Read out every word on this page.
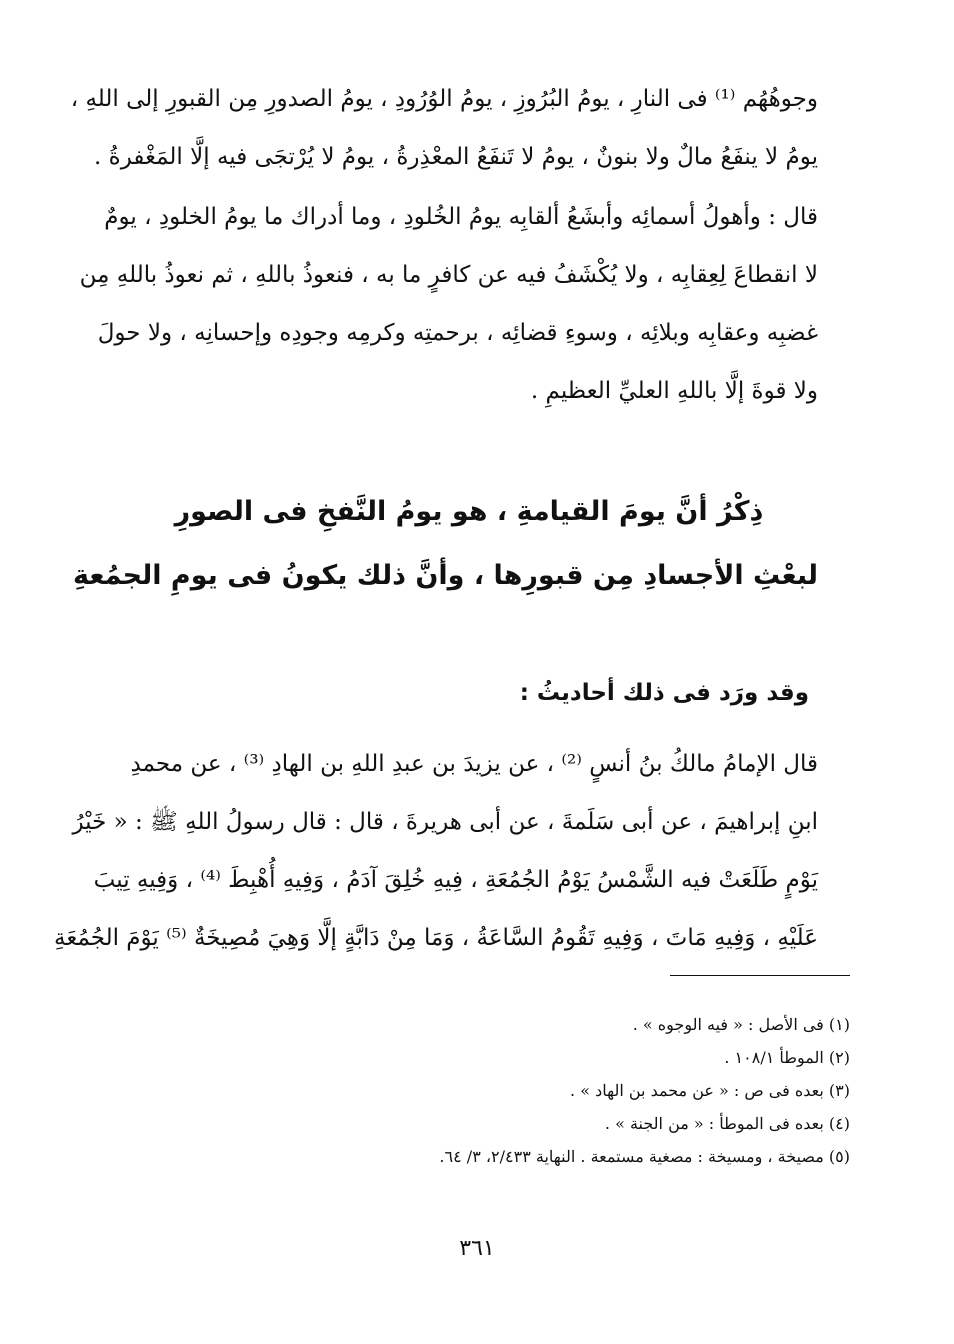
وجوهُهُم ⁽¹⁾ فى النارِ ، يومُ البُرُوزِ ، يومُ الوُرُودِ ، يومُ الصدورِ مِن القبورِ إلى اللهِ ،
يومُ لا ينفَعُ مالٌ ولا بنونٌ ، يومُ لا تَنفَعُ المعْذِرةُ ، يومُ لا يُرْتجَى فيه إلَّا المَغْفرةُ .

قال : وأهولُ أسمائِه وأبشَعُ ألقابِه يومُ الخُلودِ ، وما أدراك ما يومُ الخلودِ ، يومٌ
لا انقطاعَ لِعِقابِه ، ولا يُكْشَفُ فيه عن كافرٍ ما به ، فنعوذُ باللهِ ، ثم نعوذُ باللهِ مِن
غضبِه وعقابِه وبلائِه ، وسوءِ قضائِه ، برحمتِه وكرمِه وجودِه وإحسانِه ، ولا حولَ
ولا قوةَ إلَّا باللهِ العليِّ العظيمِ .

ذِكْرُ أنَّ يومَ القيامةِ ، هو يومُ النَّفخِ فى الصورِ
لبعْثِ الأجسادِ مِن قبورِها ، وأنَّ ذلك يكونُ فى يومِ الجمُعةِ
وقد ورَد فى ذلك أحاديثُ :

قال الإمامُ مالكُ بنُ أنسٍ ⁽²⁾ ، عن يزيدَ بن عبدِ اللهِ بن الهادِ ⁽³⁾ ، عن محمدِ
ابنِ إبراهيمَ ، عن أبى سَلَمةَ ، عن أبى هريرةَ ، قال : قال رسولُ اللهِ ﷺ : « خَيْرُ
يَوْمٍ طَلَعَتْ فيه الشَّمْسُ يَوْمُ الجُمُعَةِ ، فِيهِ خُلِقَ آدَمُ ، وَفِيهِ أُهْبِطَ ⁽⁴⁾ ، وَفِيهِ تِيبَ
عَلَيْهِ ، وَفِيهِ مَاتَ ، وَفِيهِ تَقُومُ السَّاعَةُ ، وَمَا مِنْ دَابَّةٍ إلَّا وَهِيَ مُصِيخَةٌ ⁽⁵⁾ يَوْمَ الجُمُعَةِ

(١) فى الأصل : « فيه الوجوه » .
(٢) الموطأ ١٠٨/١ .
(٣) بعده فى ص : « عن محمد بن الهاد » .
(٤) بعده فى الموطأ : « من الجنة » .
(٥) مصيخة ، ومسيخة : مصغية مستمعة . النهاية ٢/٤٣٣، ٣/ ٦٤.
٣٦١
